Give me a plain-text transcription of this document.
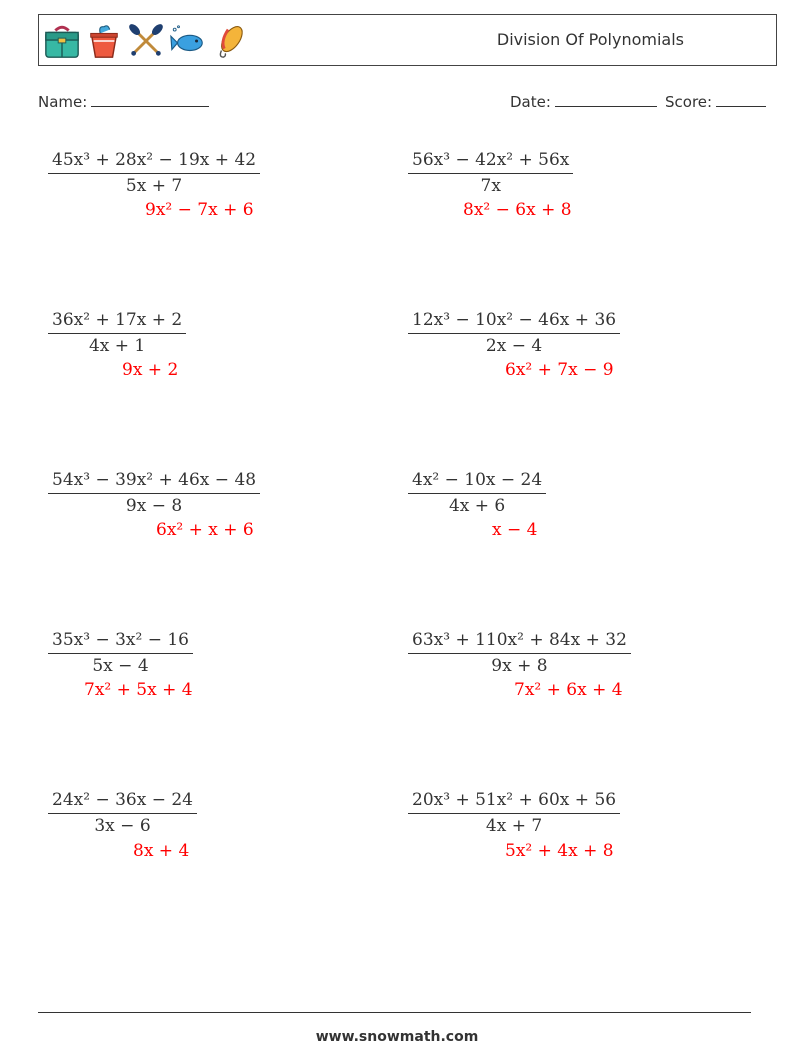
Division Of Polynomials
Name:	Date:	Score:
$\frac{\text{45x³ + 28x² − 19x + 42}}{5x + 7}$
9x² − 7x + 6
$\frac{\text{56x³ − 42x² + 56x}}{7x}$
8x² − 6x + 8
$\frac{\text{36x² + 17x + 2}}{4x + 1}$
9x + 2
$\frac{\text{12x³ − 10x² − 46x + 36}}{2x - 4}$
6x² + 7x − 9
$\frac{\text{54x³ − 39x² + 46x − 48}}{9x - 8}$
6x² + x + 6
$\frac{\text{4x² − 10x − 24}}{4x + 6}$
x − 4
$\frac{\text{35x³ − 3x² − 16}}{5x - 4}$
7x² + 5x + 4
$\frac{\text{63x³ + 110x² + 84x + 32}}{9x + 8}$
7x² + 6x + 4
$\frac{\text{24x² − 36x − 24}}{3x - 6}$
8x + 4
$\frac{\text{20x³ + 51x² + 60x + 56}}{4x + 7}$
5x² + 4x + 8
www.snowmath.com
